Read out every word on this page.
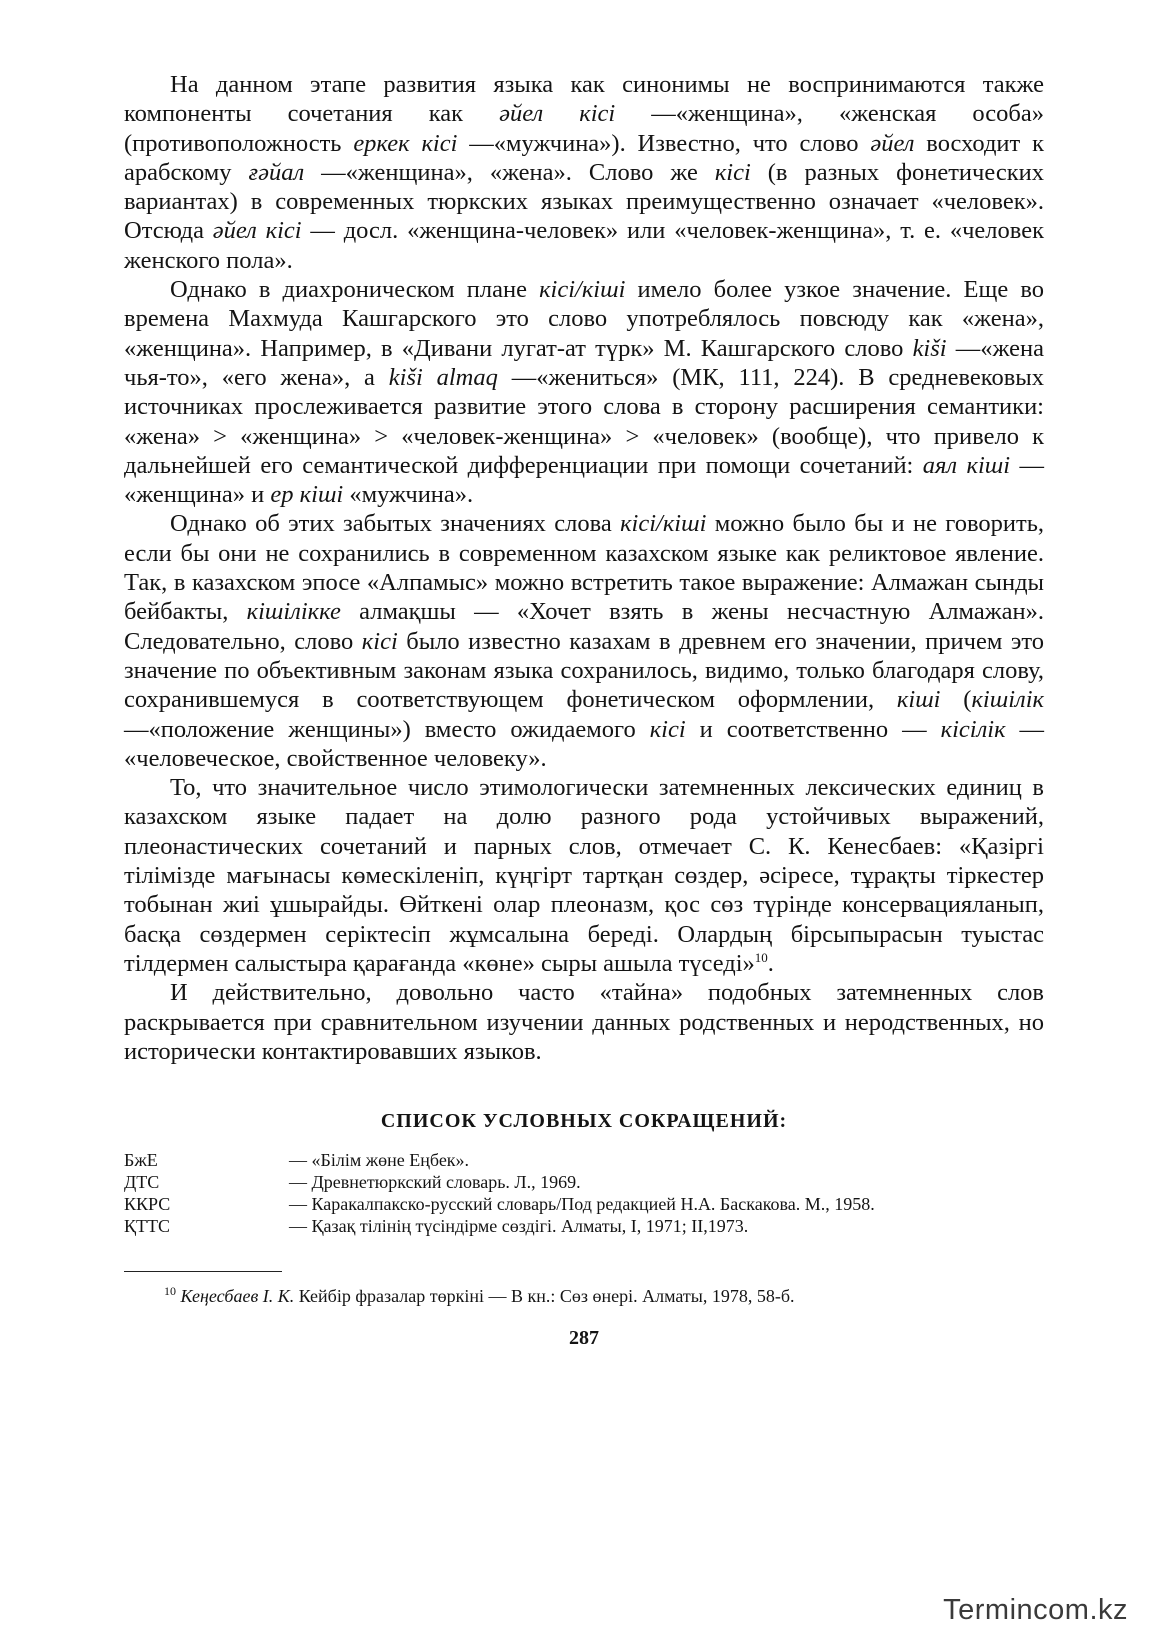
На данном этапе развития языка как синонимы не воспринимаются также компоненты сочетания как әйел кісі —«женщина», «женская особа» (противоположность еркек кісі —«мужчина»). Известно, что слово әйел восходит к арабскому ғәйал —«женщина», «жена». Слово же кісі (в разных фонетических вариантах) в современных тюркских языках преимущественно означает «человек». Отсюда әйел кісі — досл. «женщина-человек» или «человек-женщина», т. е. «человек женского пола».

Однако в диахроническом плане кісі/кіші имело более узкое значение. Еще во времена Махмуда Кашгарского это слово употреблялось повсюду как «жена», «женщина». Например, в «Дивани лугат-ат түрк» М. Кашгарского слово kiši —«жена чья-то», «его жена», а kiši almaq —«жениться» (МК, 111, 224). В средневековых источниках прослеживается развитие этого слова в сторону расширения семантики: «жена» > «женщина» > «человек-женщина» > «человек» (вообще), что привело к дальнейшей его семантической дифференциации при помощи сочетаний: аял кіші — «женщина» и ер кіші «мужчина».

Однако об этих забытых значениях слова кісі/кіші можно было бы и не говорить, если бы они не сохранились в современном казахском языке как реликтовое явление. Так, в казахском эпосе «Алпамыс» можно встретить такое выражение: Алмажан сынды бейбакты, кішілікке алмақшы — «Хочет взять в жены несчастную Алмажан». Следовательно, слово кісі было известно казахам в древнем его значении, причем это значение по объективным законам языка сохранилось, видимо, только благодаря слову, сохранившемуся в соответствующем фонетическом оформлении, кіші (кішілік —«положение женщины») вместо ожидаемого кісі и соответственно — кісілік — «человеческое, свойственное человеку».

То, что значительное число этимологически затемненных лексических единиц в казахском языке падает на долю разного рода устойчивых выражений, плеонастических сочетаний и парных слов, отмечает С. К. Кенесбаев: «Қазіргі тілімізде мағынасы көмескіленіп, күңгірт тартқан сөздер, әсіресе, тұрақты тіркестер тобынан жиі ұшырайды. Өйткені олар плеоназм, қос сөз түрінде консервацияланып, басқа сөздермен серіктесіп жұмсалына береді. Олардың бірсыпырасын туыстас тілдермен салыстыра қарағанда «көне» сыры ашыла түседі»$^{10}$.

И действительно, довольно часто «тайна» подобных затемненных слов раскрывается при сравнительном изучении данных родственных и неродственных, но исторически контактировавших языков.

СПИСОК УСЛОВНЫХ СОКРАЩЕНИЙ:
БжЕ	— «Білім жөне Еңбек».
ДТС	— Древнетюркский словарь. Л., 1969.
ККРС	— Каракалпакско-русский словарь/Под редакцией Н.А. Баскакова. М., 1958.
ҚТТС	— Қазақ тілінің түсіндірме сөздігі. Алматы, I, 1971; II,1973.
$^{10}$ Кеңесбаев І. К. Кейбір фразалар төркіні — В кн.: Сөз өнері. Алматы, 1978, 58-б.
287
Termincom.kz
